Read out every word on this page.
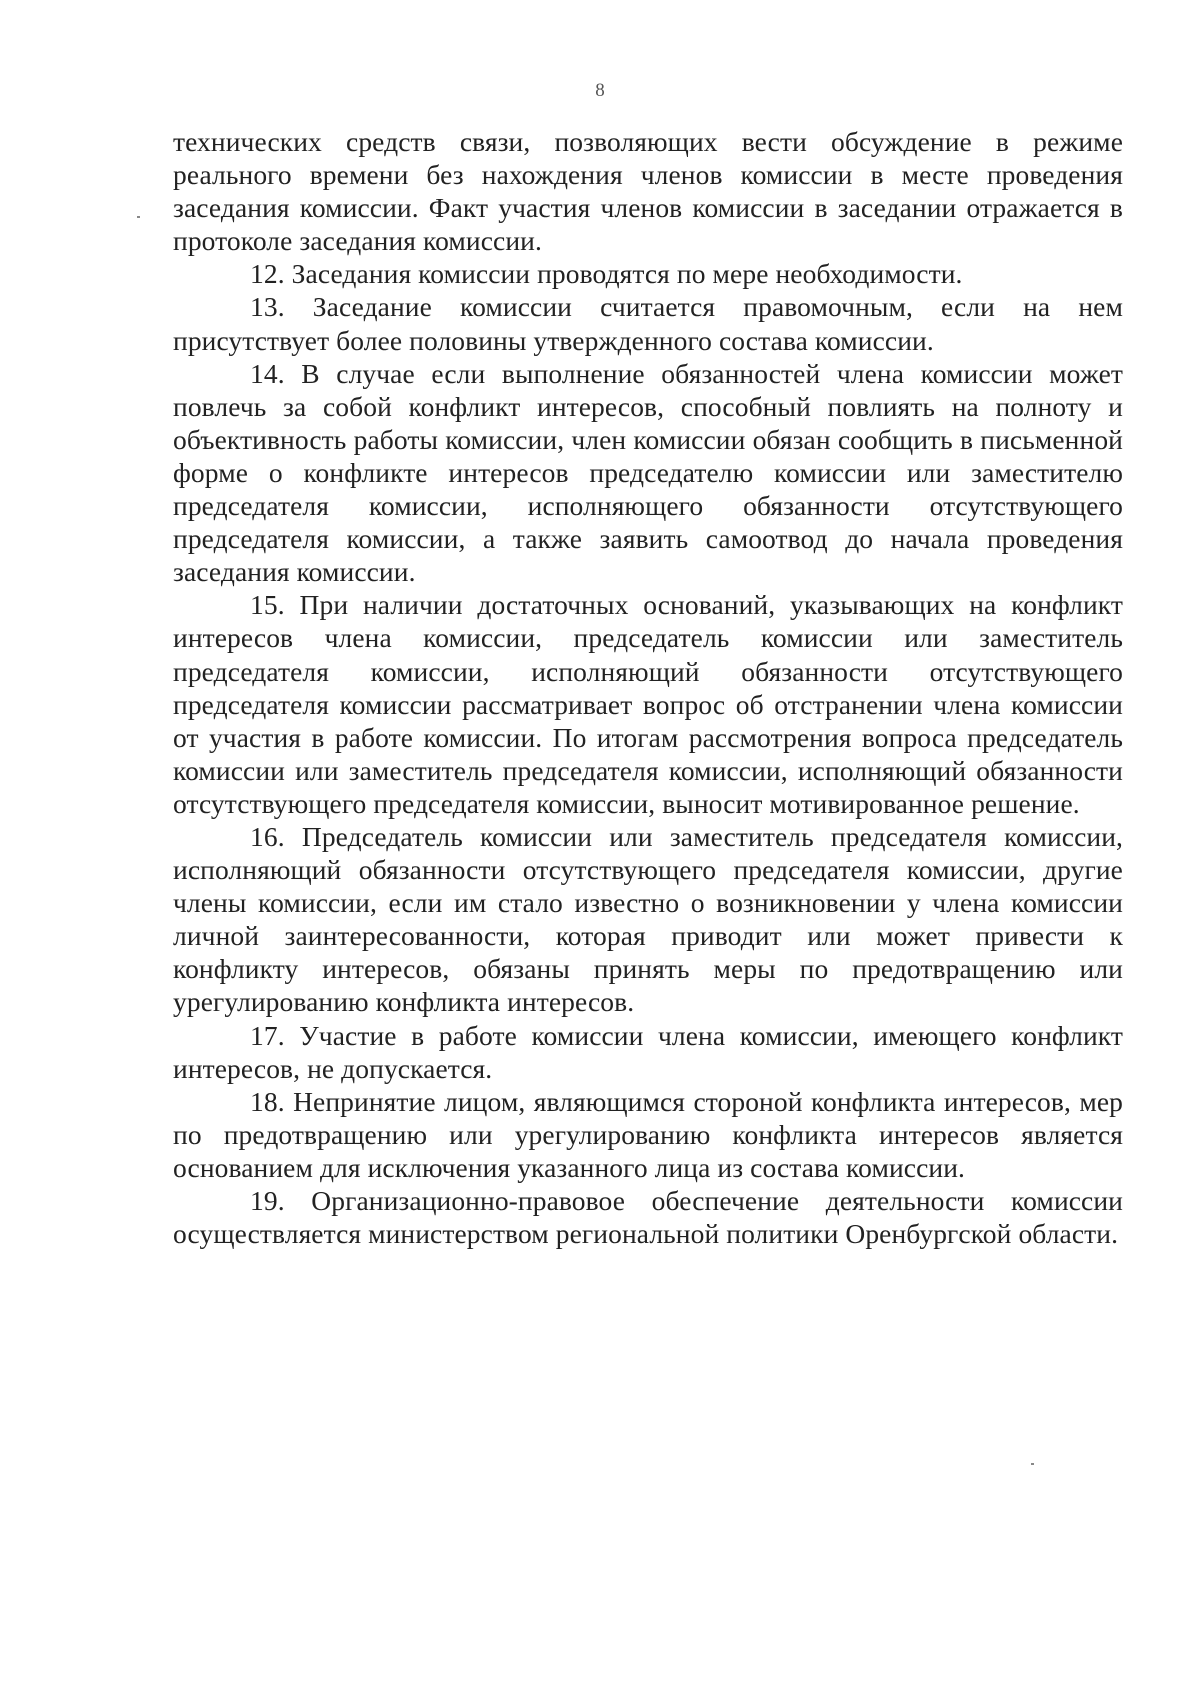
8

технических средств связи, позволяющих вести обсуждение в режиме реального времени без нахождения членов комиссии в месте проведения заседания комиссии. Факт участия членов комиссии в заседании отражается в протоколе заседания комиссии.

12. Заседания комиссии проводятся по мере необходимости.

13. Заседание комиссии считается правомочным, если на нем присутствует более половины утвержденного состава комиссии.

14. В случае если выполнение обязанностей члена комиссии может повлечь за собой конфликт интересов, способный повлиять на полноту и объективность работы комиссии, член комиссии обязан сообщить в письменной форме о конфликте интересов председателю комиссии или заместителю председателя комиссии, исполняющего обязанности отсутствующего председателя комиссии, а также заявить самоотвод до начала проведения заседания комиссии.

15. При наличии достаточных оснований, указывающих на конфликт интересов члена комиссии, председатель комиссии или заместитель председателя комиссии, исполняющий обязанности отсутствующего председателя комиссии рассматривает вопрос об отстранении члена комиссии от участия в работе комиссии. По итогам рассмотрения вопроса председатель комиссии или заместитель председателя комиссии, исполняющий обязанности отсутствующего председателя комиссии, выносит мотивированное решение.

16. Председатель комиссии или заместитель председателя комиссии, исполняющий обязанности отсутствующего председателя комиссии, другие члены комиссии, если им стало известно о возникновении у члена комиссии личной заинтересованности, которая приводит или может привести к конфликту интересов, обязаны принять меры по предотвращению или урегулированию конфликта интересов.

17. Участие в работе комиссии члена комиссии, имеющего конфликт интересов, не допускается.

18. Непринятие лицом, являющимся стороной конфликта интересов, мер по предотвращению или урегулированию конфликта интересов является основанием для исключения указанного лица из состава комиссии.

19. Организационно-правовое обеспечение деятельности комиссии осуществляется министерством региональной политики Оренбургской области.
